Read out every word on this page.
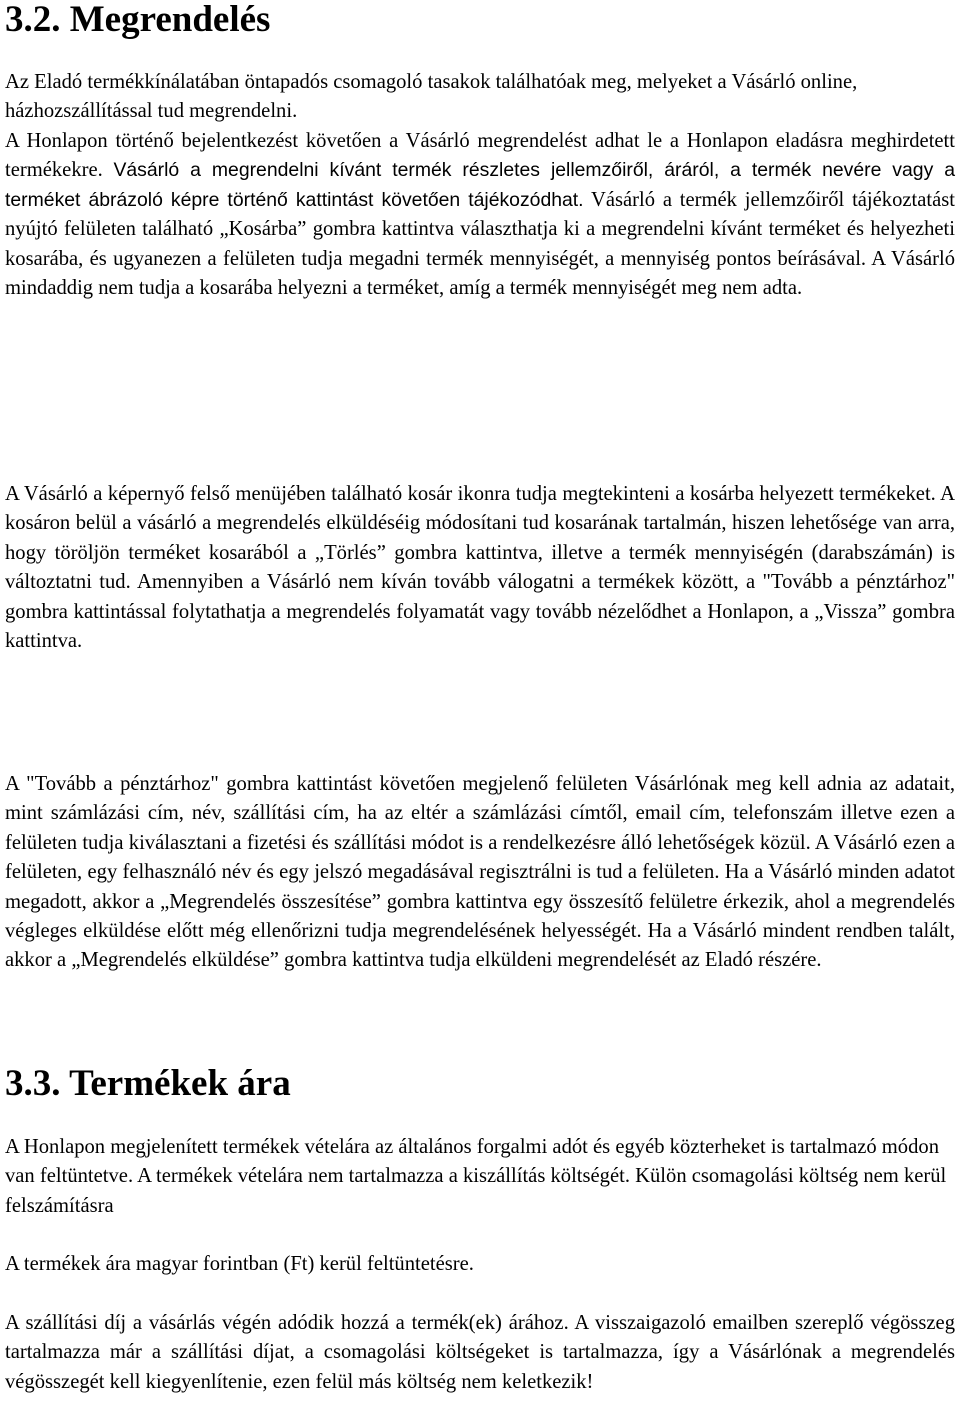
3.2. Megrendelés

Az Eladó termékkínálatában öntapadós csomagoló tasakok találhatóak meg, melyeket a Vásárló online, házhozszállítással tud megrendelni.

A Honlapon történő bejelentkezést követően a Vásárló megrendelést adhat le a Honlapon eladásra meghirdetett termékekre. Vásárló a megrendelni kívánt termék részletes jellemzőiről, áráról, a termék nevére vagy a terméket ábrázoló képre történő kattintást követően tájékozódhat. Vásárló a termék jellemzőiről tájékoztatást nyújtó felületen található „Kosárba” gombra kattintva választhatja ki a megrendelni kívánt terméket és helyezheti kosarába, és ugyanezen a felületen tudja megadni termék mennyiségét, a mennyiség pontos beírásával. A Vásárló mindaddig nem tudja a kosarába helyezni a terméket, amíg a termék mennyiségét meg nem adta.

A Vásárló a képernyő felső menüjében található kosár ikonra tudja megtekinteni a kosárba helyezett termékeket. A kosáron belül a vásárló a megrendelés elküldéséig módosítani tud kosarának tartalmán, hiszen lehetősége van arra, hogy töröljön terméket kosarából a „Törlés” gombra kattintva, illetve a termék mennyiségén (darabszámán) is változtatni tud. Amennyiben a Vásárló nem kíván tovább válogatni a termékek között, a "Tovább a pénztárhoz" gombra kattintással folytathatja a megrendelés folyamatát vagy tovább nézelődhet a Honlapon, a „Vissza” gombra kattintva.

A "Tovább a pénztárhoz" gombra kattintást követően megjelenő felületen Vásárlónak meg kell adnia az adatait, mint számlázási cím, név, szállítási cím, ha az eltér a számlázási címtől, email cím, telefonszám illetve ezen a felületen tudja kiválasztani a fizetési és szállítási módot is a rendelkezésre álló lehetőségek közül. A Vásárló ezen a felületen, egy felhasználó név és egy jelszó megadásával regisztrálni is tud a felületen. Ha a Vásárló minden adatot megadott, akkor a „Megrendelés összesítése” gombra kattintva egy összesítő felületre érkezik, ahol a megrendelés végleges elküldése előtt még ellenőrizni tudja megrendelésének helyességét. Ha a Vásárló mindent rendben talált, akkor a „Megrendelés elküldése” gombra kattintva tudja elküldeni megrendelését az Eladó részére.

3.3. Termékek ára

A Honlapon megjelenített termékek vételára az általános forgalmi adót és egyéb közterheket is tartalmazó módon van feltüntetve. A termékek vételára nem tartalmazza a kiszállítás költségét. Külön csomagolási költség nem kerül felszámításra

A termékek ára magyar forintban (Ft) kerül feltüntetésre.

A szállítási díj a vásárlás végén adódik hozzá a termék(ek) árához. A visszaigazoló emailben szereplő végösszeg tartalmazza már a szállítási díjat, a csomagolási költségeket is tartalmazza, így a Vásárlónak a megrendelés végösszegét kell kiegyenlítenie, ezen felül más költség nem keletkezik!
